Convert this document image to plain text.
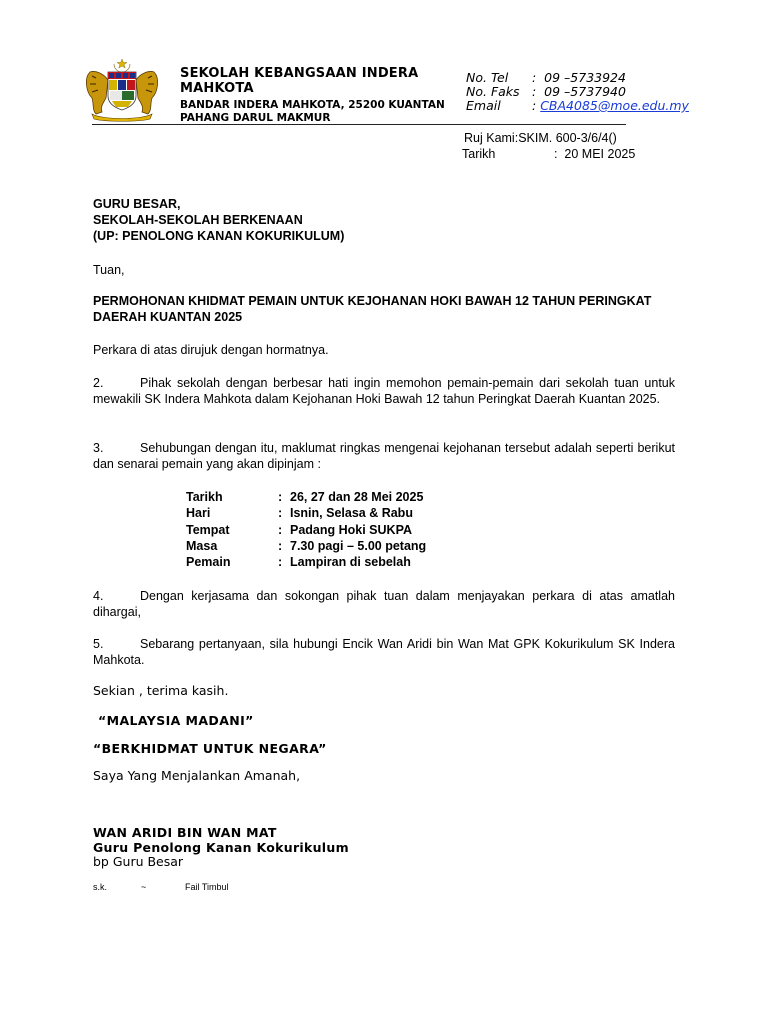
SEKOLAH KEBANGSAAN INDERA MAHKOTA
BANDAR INDERA MAHKOTA, 25200 KUANTAN
PAHANG DARUL MAKMUR
No. Tel :  09 –5733924
No. Faks :  09 –5737940
Email	: CBA4085@moe.edu.my
Ruj Kami:SKIM. 600-3/6/4()
Tarikh	:  20 MEI 2025
GURU BESAR,
SEKOLAH-SEKOLAH BERKENAAN
(UP: PENOLONG KANAN KOKURIKULUM)
Tuan,
PERMOHONAN KHIDMAT PEMAIN UNTUK KEJOHANAN HOKI BAWAH 12 TAHUN PERINGKAT DAERAH KUANTAN 2025
Perkara di atas dirujuk dengan hormatnya.
2.	Pihak sekolah dengan berbesar hati ingin memohon pemain-pemain dari sekolah tuan untuk mewakili SK Indera Mahkota dalam Kejohanan Hoki Bawah 12 tahun Peringkat Daerah Kuantan 2025.
3.	Sehubungan dengan itu, maklumat ringkas mengenai kejohanan tersebut adalah seperti berikut dan senarai pemain yang akan dipinjam :
Tarikh	: 26, 27 dan 28 Mei 2025
Hari	: Isnin, Selasa & Rabu
Tempat	: Padang Hoki SUKPA
Masa	: 7.30 pagi – 5.00 petang
Pemain	: Lampiran di sebelah
4.	Dengan kerjasama dan sokongan pihak tuan dalam menjayakan perkara di atas amatlah dihargai,
5.	Sebarang pertanyaan, sila hubungi Encik Wan Aridi bin Wan Mat GPK Kokurikulum SK Indera Mahkota.
Sekian , terima kasih.
“MALAYSIA MADANI”
“BERKHIDMAT UNTUK NEGARA”
Saya Yang Menjalankan Amanah,
WAN ARIDI BIN WAN MAT
Guru Penolong Kanan Kokurikulum
bp Guru Besar
s.k.	~	Fail Timbul
